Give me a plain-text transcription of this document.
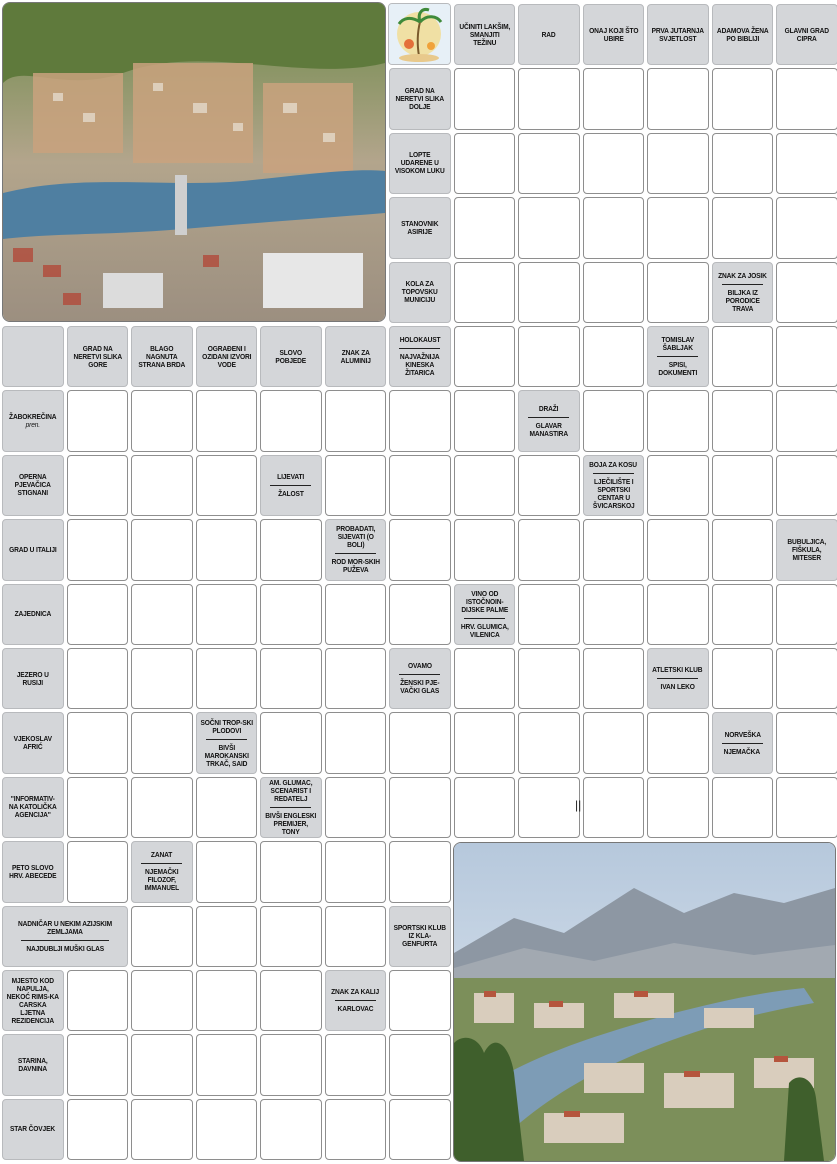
UČINITI LAKŠIM, SMANJITI TEŽINU
RAD	ONAJ KOJI ŠTO UBIRE
PRVA JUTARNJA SVJETLOST
ADAMOVA ŽENA PO BIBLIJI
GLAVNI GRAD CIPRA
GRAD NA NERETVI SLIKA DOLJE
LOPTE UDARENE U VISOKOM LUKU
STANOVNIK ASIRIJE
KOLA ZA TOPOVSKU MUNICIJU
ZNAK ZA JOSIK
BILJKA IZ PORODICE TRAVA
GRAD NA NERETVI SLIKA GORE
BLAGO NAGNUTA STRANA BRDA
OGRAĐENI I OZIDANI IZVORI VODE
SLOVO POBJEDE
ZNAK ZA ALUMINIJ
HOLOKAUST
NAJVAŽNIJA KINESKA ŽITARICA
TOMISLAV ŠABLJAK
SPISI, DOKUMENTI
ŽABOKREČINA
pren.
DRAŽI
GLAVAR MANASTIRA
OPERNA PJEVAČICA STIGNANI
LIJEVATI
ŽALOST
BOJA ZA KOSU
LJEČILIŠTE I SPORTSKI CENTAR U ŠVICARSKOJ
GRAD U ITALIJI
PROBADATI, SIJEVATI (O BOLI)
ROD MOR-SKIH PUŽEVA
BUBULJICA, FIŠKULA, MITESER
ZAJEDNICA
VINO OD ISTOČNOIN-DIJSKE PALME
HRV. GLUMICA, VILENICA
JEZERO U RUSIJI
OVAMO
ŽENSKI PJE-VAČKI GLAS
ATLETSKI KLUB
IVAN LEKO
VJEKOSLAV AFRIĆ
SOČNI TROP-SKI PLODOVI
BIVŠI MAROKANSKI TRKAČ, SAID
NORVEŠKA
NJEMAČKA
"INFORMATIV-NA KATOLIČKA AGENCIJA"
AM. GLUMAC, SCENARIST I REDATELJ
BIVŠI ENGLESKI PREMIJER, TONY
PETO SLOVO HRV. ABECEDE
ZANAT
NJEMAČKI FILOZOF, IMMANUEL
NADNIČAR U NEKIM AZIJSKIM ZEMLJAMA
NAJDUBLJI MUŠKI GLAS
SPORTSKI KLUB IZ KLA-GENFURTA
MJESTO KOD NAPULJA, NEKOĆ RIMS-KA CARSKA LJETNA REZIDENCIJA
ZNAK ZA KALIJ
KARLOVAC
STARINA, DAVNINA
STAR ČOVJEK
||
